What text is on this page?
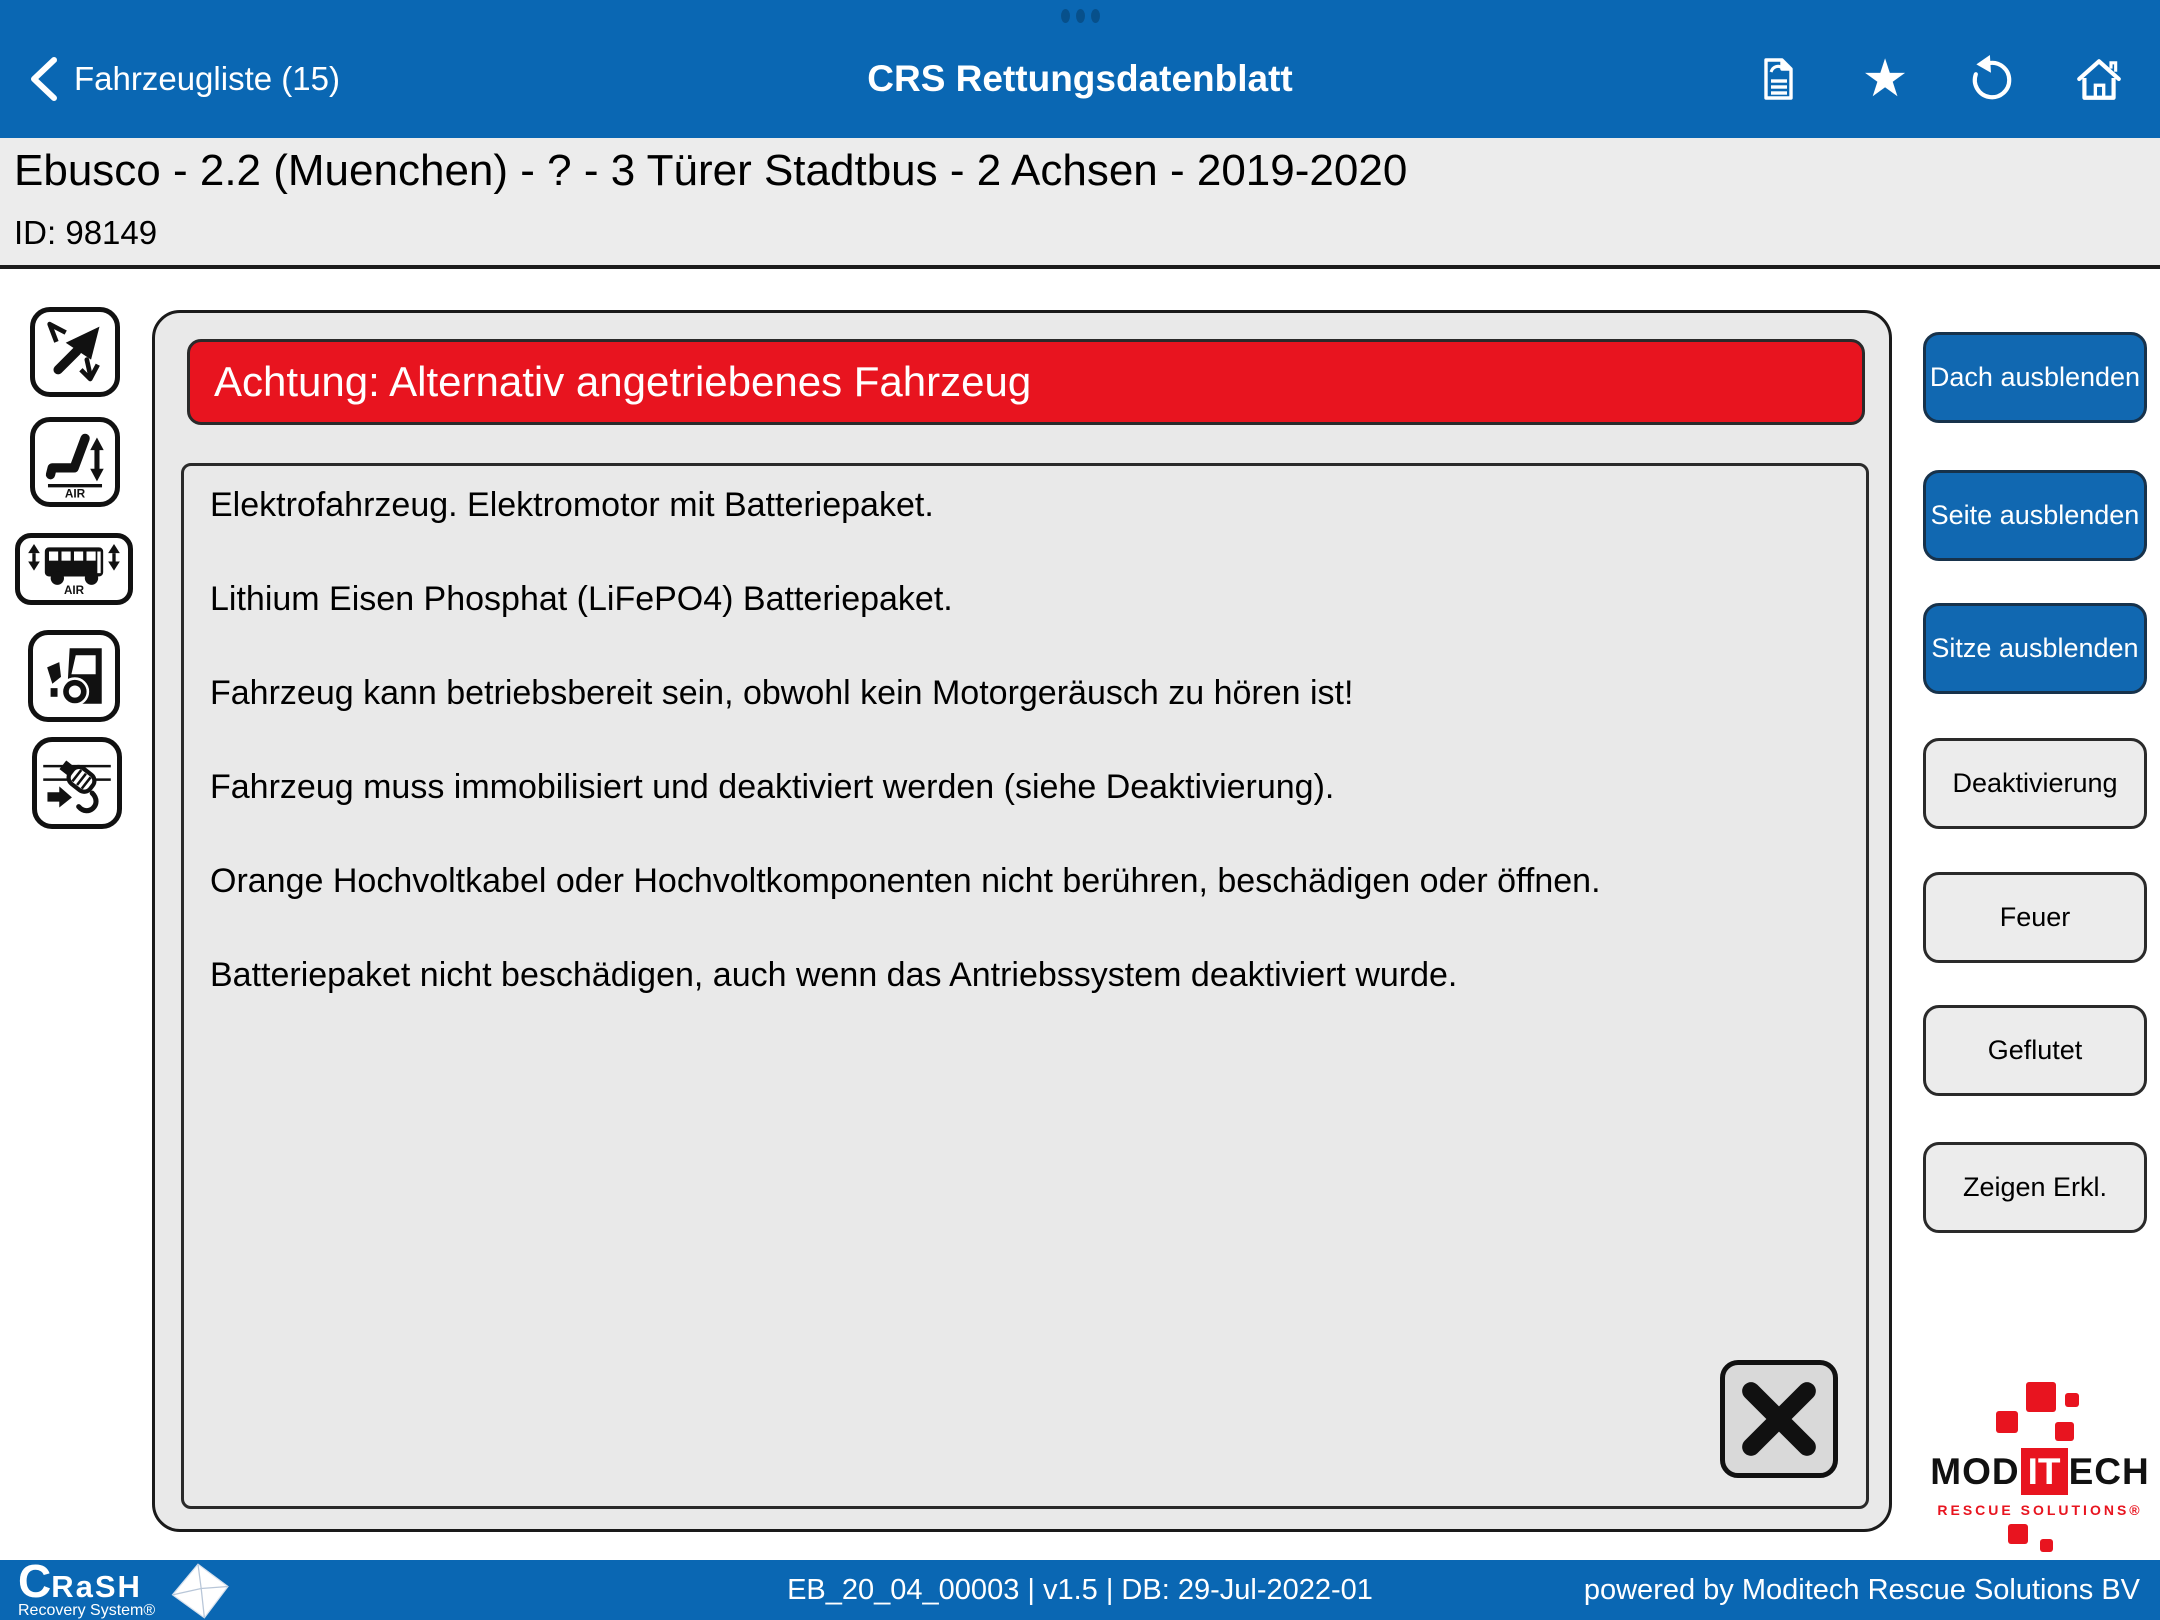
Fahrzeugliste (15)	CRS Rettungsdatenblatt	★
Ebusco - 2.2 (Muenchen) - ? - 3 Türer Stadtbus - 2 Achsen - 2019-2020
ID: 98149
AIR
AIR
Achtung: Alternativ angetriebenes Fahrzeug

Elektrofahrzeug. Elektromotor mit Batteriepaket.

Lithium Eisen Phosphat (LiFePO4) Batteriepaket.

Fahrzeug kann betriebsbereit sein, obwohl kein Motorgeräusch zu hören ist!

Fahrzeug muss immobilisiert und deaktiviert werden (siehe Deaktivierung).

Orange Hochvoltkabel oder Hochvoltkomponenten nicht berühren, beschädigen oder öffnen.

Batteriepaket nicht beschädigen, auch wenn das Antriebssystem deaktiviert wurde.

Dach ausblenden
Seite ausblenden
Sitze ausblenden
Deaktivierung
Feuer
Geflutet
Zeigen Erkl.
MOD IT ECH
RESCUE SOLUTIONS®
C RaSH
Recovery System®
EB_20_04_00003 | v1.5 | DB: 29-Jul-2022-01	powered by Moditech Rescue Solutions BV
